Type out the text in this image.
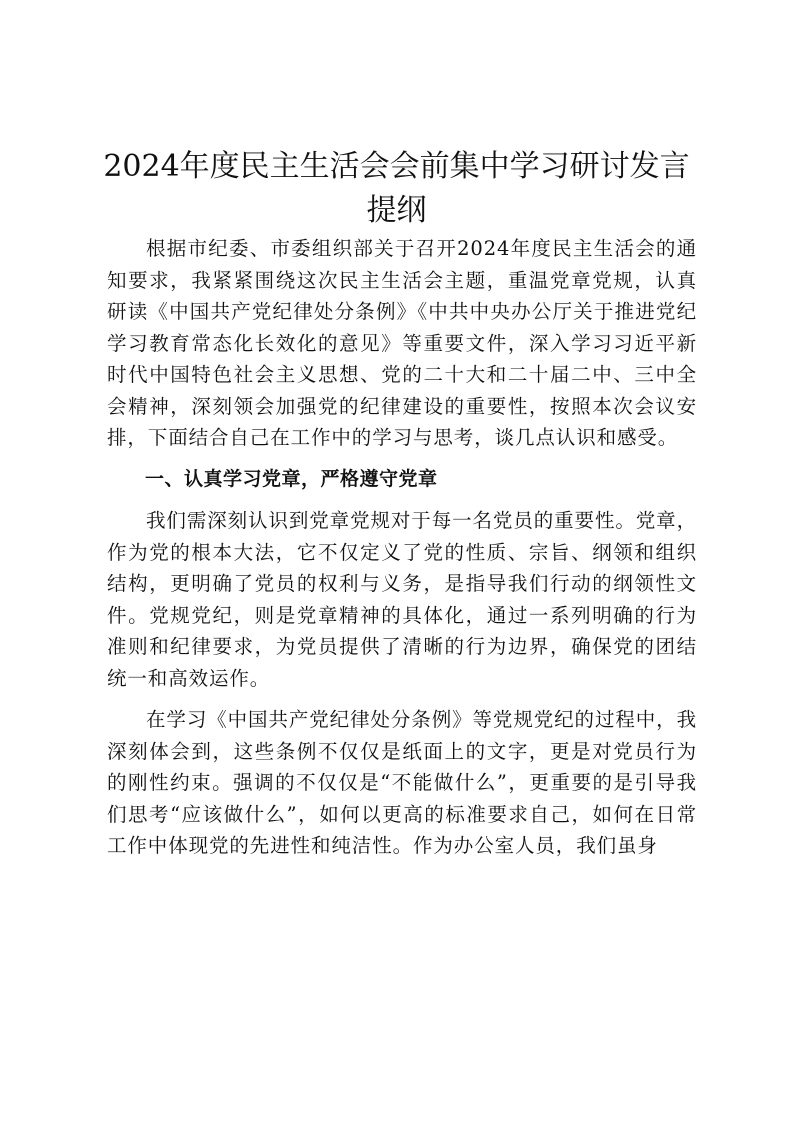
2024年度民主生活会会前集中学习研讨发言
提纲

根据市纪委、市委组织部关于召开2024年度民主生活会的通知要求，我紧紧围绕这次民主生活会主题，重温党章党规，认真研读《中国共产党纪律处分条例》《中共中央办公厅关于推进党纪学习教育常态化长效化的意见》等重要文件，深入学习习近平新时代中国特色社会主义思想、党的二十大和二十届二中、三中全会精神，深刻领会加强党的纪律建设的重要性，按照本次会议安排，下面结合自己在工作中的学习与思考，谈几点认识和感受。

一、认真学习党章，严格遵守党章

我们需深刻认识到党章党规对于每一名党员的重要性。党章，作为党的根本大法，它不仅定义了党的性质、宗旨、纲领和组织结构，更明确了党员的权利与义务，是指导我们行动的纲领性文件。党规党纪，则是党章精神的具体化，通过一系列明确的行为准则和纪律要求，为党员提供了清晰的行为边界，确保党的团结统一和高效运作。

在学习《中国共产党纪律处分条例》等党规党纪的过程中，我深刻体会到，这些条例不仅仅是纸面上的文字，更是对党员行为的刚性约束。强调的不仅仅是“不能做什么”，更重要的是引导我们思考“应该做什么”，如何以更高的标准要求自己，如何在日常工作中体现党的先进性和纯洁性。作为办公室人员，我们虽身
